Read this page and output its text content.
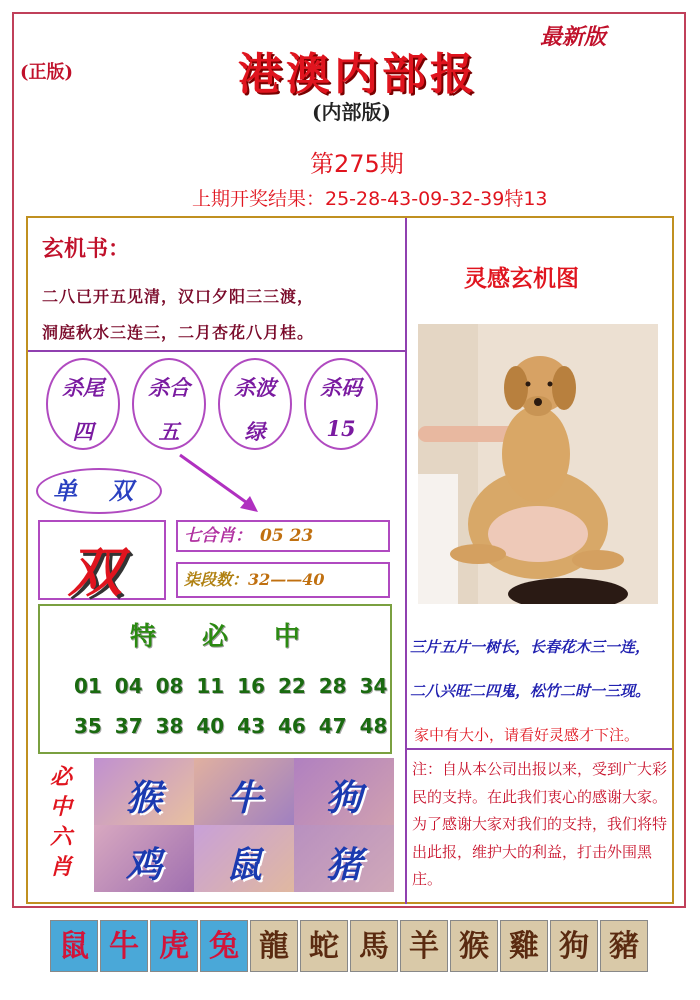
(正版)
最新版
港澳内部报
(内部版)
第275期
上期开奖结果：25-28-43-09-32-39特13
玄机书：
二八已开五见清，汉口夕阳三三渡，
洞庭秋水三连三，二月杏花八月桂。
杀尾
四
杀合
五
杀波
绿
杀码
15
单 双
双
七合肖： 05 23
柒段数：32——40
特必中
01 04 08 11 16 22 28 34
35 37 38 40 43 46 47 48
必中六肖
猴	牛	狗
鸡	鼠	猪
灵感玄机图
三片五片一树长，长春花木三一连，
二八兴旺二四鬼，松竹二时一三现。
家中有大小，请看好灵感才下注。
注：自从本公司出报以来，受到广大彩民的支持。在此我们衷心的感谢大家。为了感谢大家对我们的支持，我们将特出此报，维护大的利益，打击外围黑庄。
鼠 牛 虎 兔 龍 蛇 馬 羊 猴 雞 狗 豬
